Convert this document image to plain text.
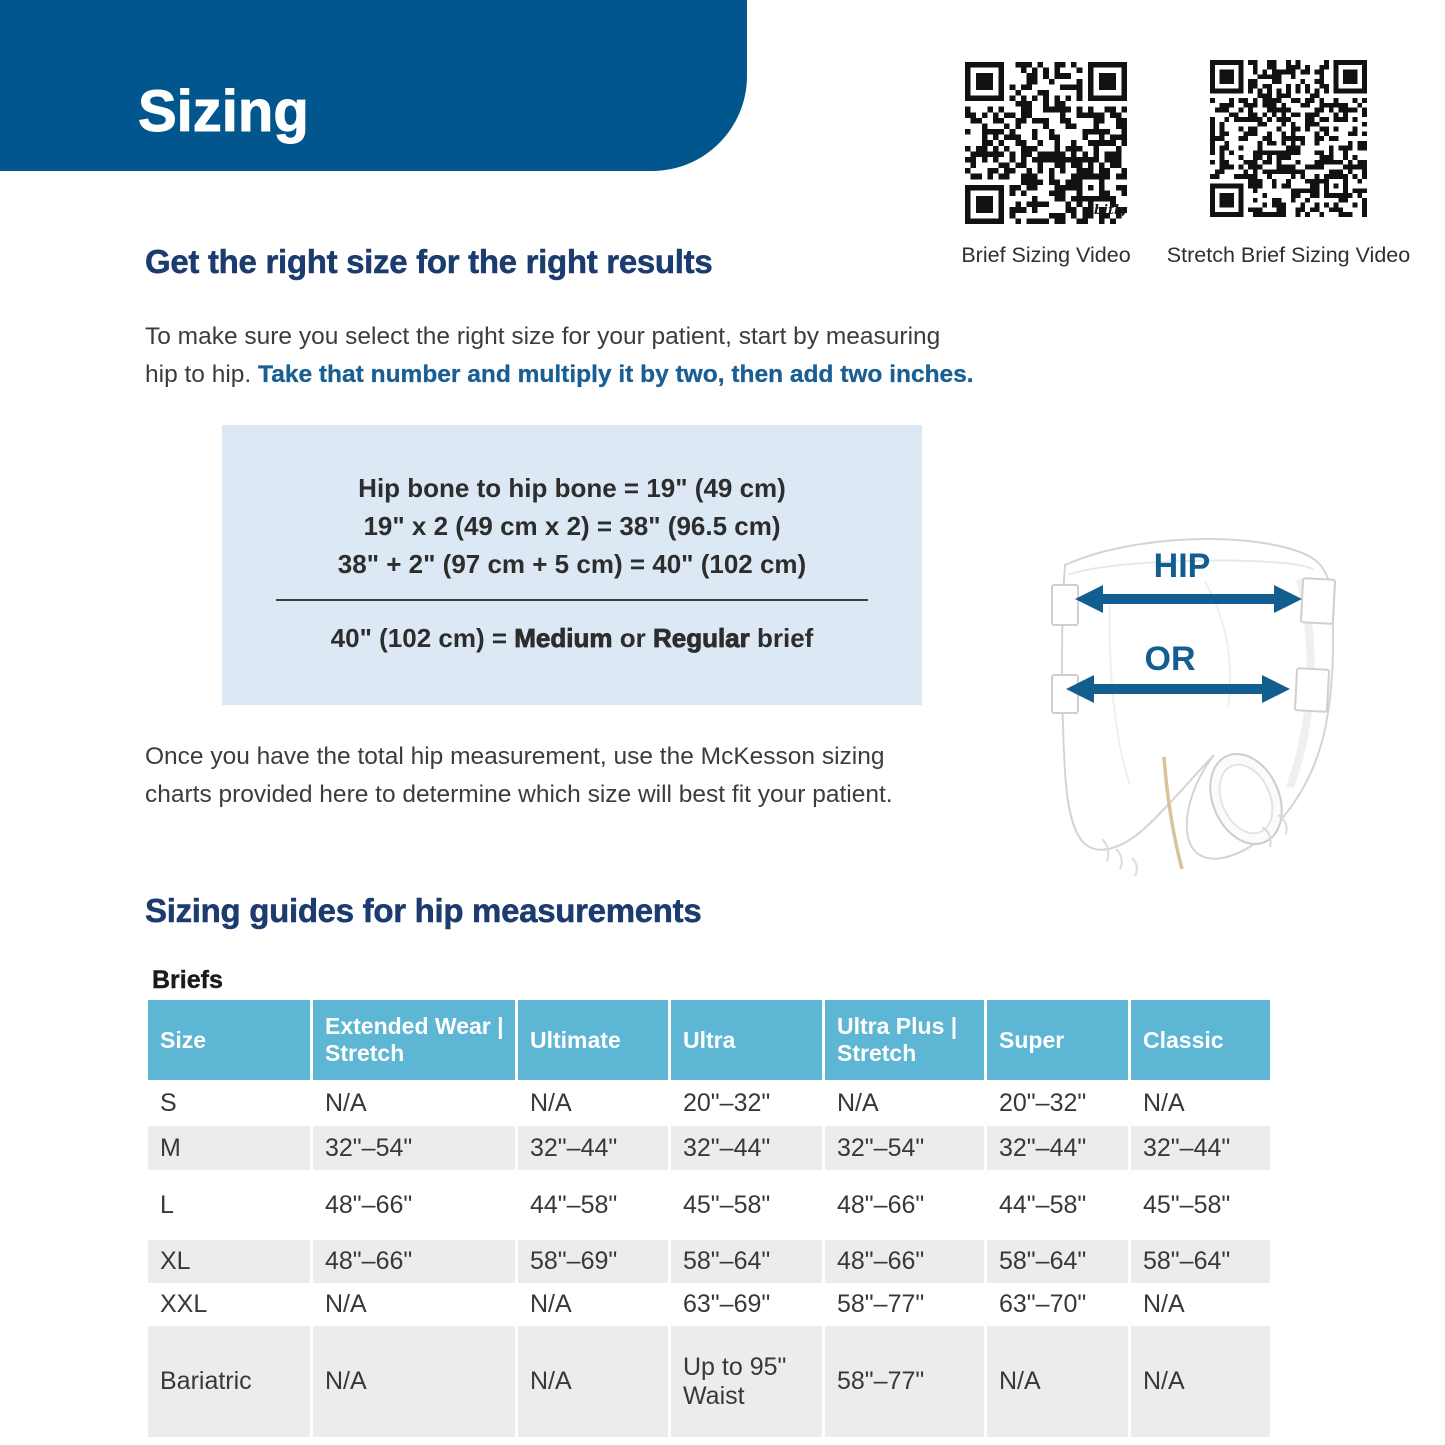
Sizing
bitly
Brief Sizing Video	Stretch Brief Sizing Video
Get the right size for the right results
To make sure you select the right size for your patient, start by measuring
hip to hip. Take that number and multiply it by two, then add two inches.
Hip bone to hip bone = 19" (49 cm)
19" x 2 (49 cm x 2) = 38" (96.5 cm)
38" + 2" (97 cm + 5 cm) = 40" (102 cm)
40" (102 cm) = Medium or Regular brief
HIP
OR
Once you have the total hip measurement, use the McKesson sizing
charts provided here to determine which size will best fit your patient.
Sizing guides for hip measurements
Briefs
Size	Extended Wear | Stretch	Ultimate	Ultra	Ultra Plus | Stretch	Super	Classic
S	N/A	N/A	20"–32"	N/A	20"–32"	N/A
M	32"–54"	32"–44"	32"–44"	32"–54"	32"–44"	32"–44"
L	48"–66"	44"–58"	45"–58"	48"–66"	44"–58"	45"–58"
XL	48"–66"	58"–69"	58"–64"	48"–66"	58"–64"	58"–64"
XXL	N/A	N/A	63"–69"	58"–77"	63"–70"	N/A
Bariatric	N/A	N/A	Up to 95" Waist	58"–77"	N/A	N/A
